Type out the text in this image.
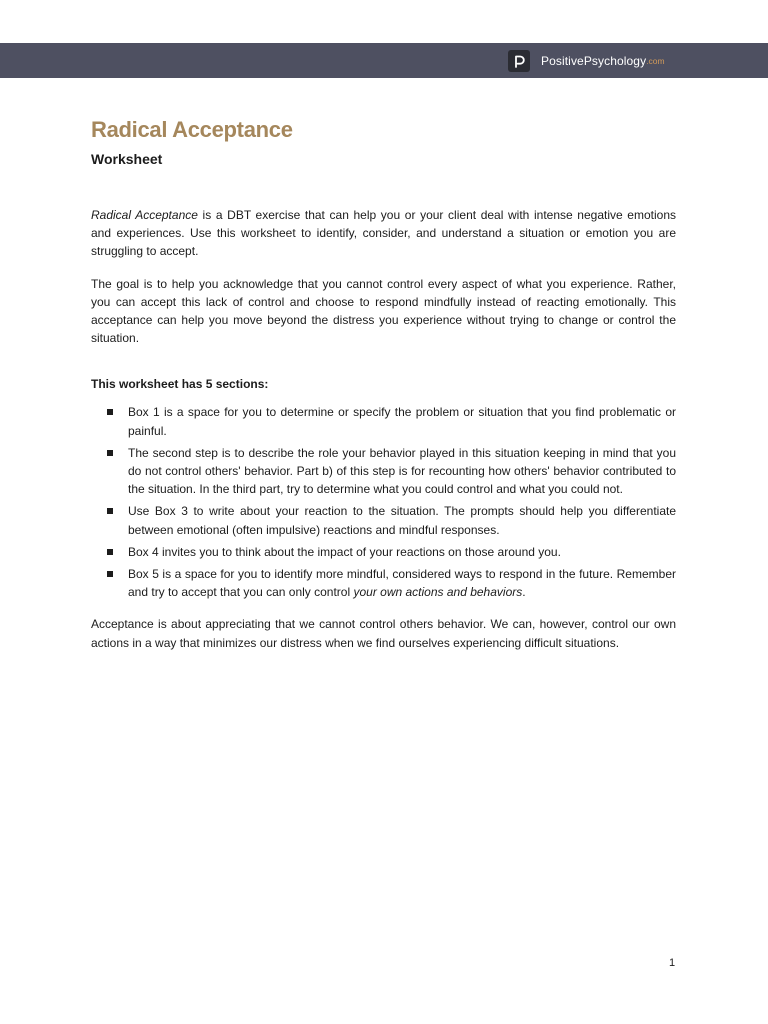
PositivePsychology .com
Radical Acceptance
Worksheet

Radical Acceptance is a DBT exercise that can help you or your client deal with intense negative emotions and experiences. Use this worksheet to identify, consider, and understand a situation or emotion you are struggling to accept.

The goal is to help you acknowledge that you cannot control every aspect of what you experience. Rather, you can accept this lack of control and choose to respond mindfully instead of reacting emotionally. This acceptance can help you move beyond the distress you experience without trying to change or control the situation.

This worksheet has 5 sections:
Box 1 is a space for you to determine or specify the problem or situation that you find problematic or painful.
The second step is to describe the role your behavior played in this situation keeping in mind that you do not control others' behavior. Part b) of this step is for recounting how others' behavior contributed to the situation. In the third part, try to determine what you could control and what you could not.
Use Box 3 to write about your reaction to the situation. The prompts should help you differentiate between emotional (often impulsive) reactions and mindful responses.
Box 4 invites you to think about the impact of your reactions on those around you.
Box 5 is a space for you to identify more mindful, considered ways to respond in the future. Remember and try to accept that you can only control your own actions and behaviors.

Acceptance is about appreciating that we cannot control others behavior. We can, however, control our own actions in a way that minimizes our distress when we find ourselves experiencing difficult situations.

1
